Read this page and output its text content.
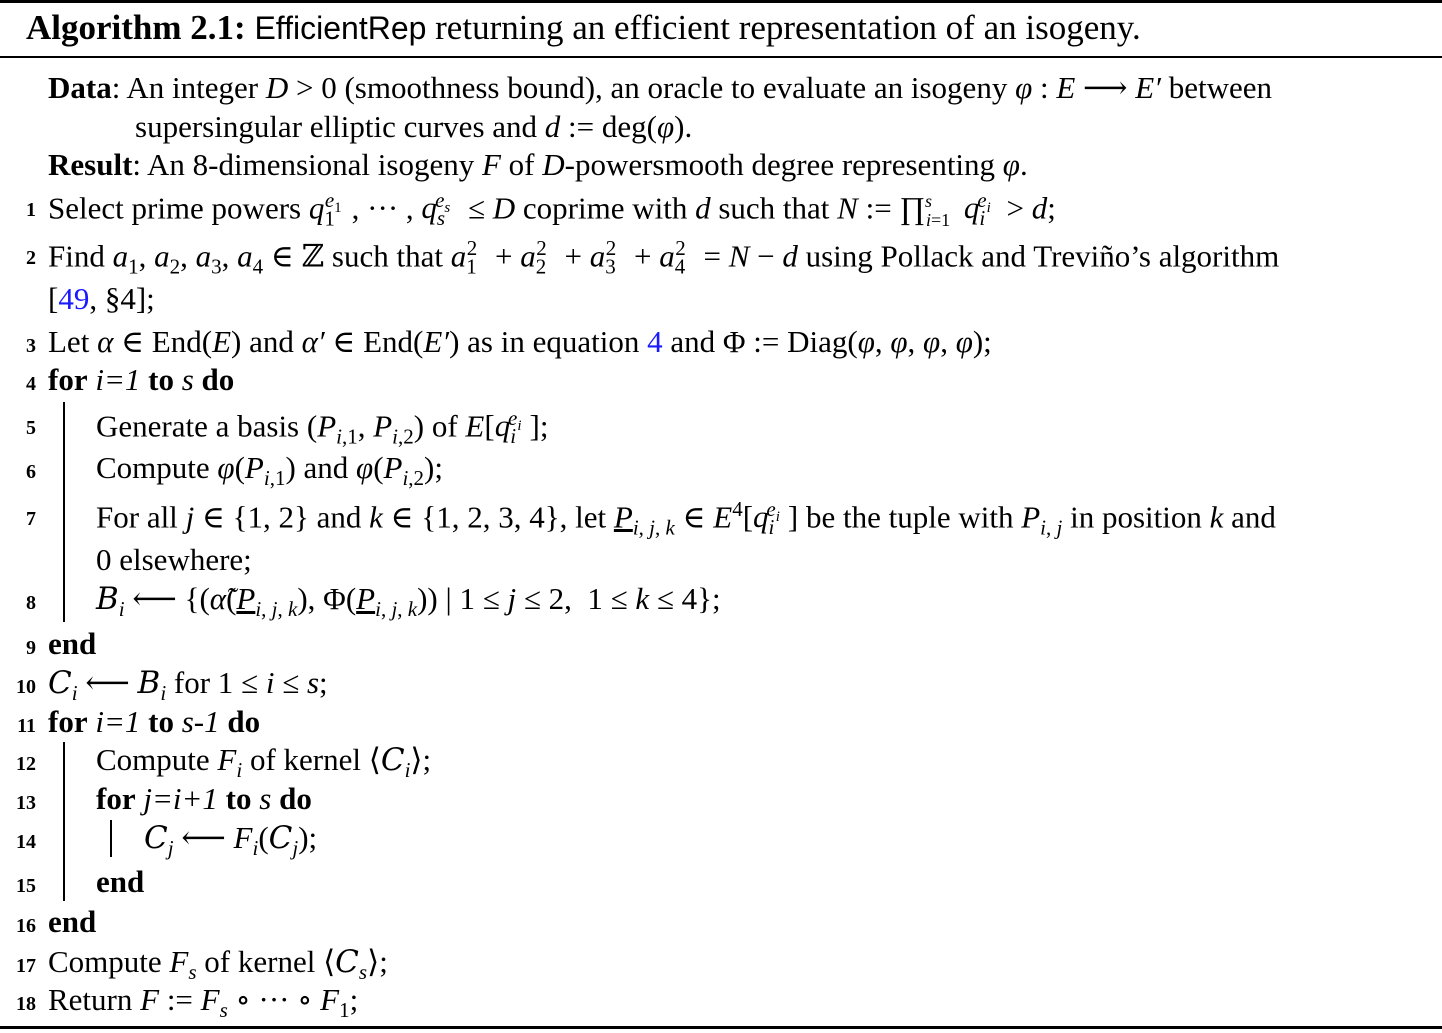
Algorithm 2.1: EfficientRep returning an efficient representation of an isogeny.
Data: An integer D > 0 (smoothness bound), an oracle to evaluate an isogeny φ : E ⟶ E′ between
supersingular elliptic curves and d := deg(φ).
Result: An 8-dimensional isogeny F of D-powersmooth degree representing φ.
1 Select prime powers $q_1^{e_1}$ , ··· , $q_s^{e_s} \le D$ coprime with d such that N := ∏$^s_{i=1}$ $q_i^{e_i} > d$;
2 Find $a_1$, $a_2$, $a_3$, $a_4$ ∈ ℤ such that $a_1^2 + a_2^2 + a_3^2 + a_4^2 = N - d$ using Pollack and Treviño’s algorithm
[49, §4];
3 Let α ∈ End(E) and α′ ∈ End(E′) as in equation 4 and Φ := Diag(φ, φ, φ, φ);
4 for i=1 to s do
5 Generate a basis ($P_{i,1}$, $P_{i,2}$) of $E[q_i^{e_i}$ ];
6 Compute $\varphi(P_{i,1})$ and $\varphi(P_{i,2})$;
7 For all j ∈ {1, 2} and k ∈ {1, 2, 3, 4}, let $P_{i, j, k}$ ∈ $E^4[q_i^{e_i}$ ] be the tuple with $P_{i, j}$ in position k and
0 elsewhere;
8 $B_i$ ⟵ {($\alphã(P_{i, j, k})$, $\Phi(P_{i, j, k})$) | 1 ≤ j ≤ 2,  1 ≤ k ≤ 4};
9 end
10 $C_i$ ⟵ $B_i$ for 1 ≤ i ≤ s;
11 for i=1 to s-1 do
12 Compute $F_i$ of kernel $⟨C_i⟩$;
13 for j=i+1 to s do
14	$C_j$ ⟵ $F_i(C_j)$;
15 end
16 end
17 Compute $F_s$ of kernel $⟨C_s⟩$;
18 Return F := $F_s$ ∘ ··· ∘ $F_1$;
